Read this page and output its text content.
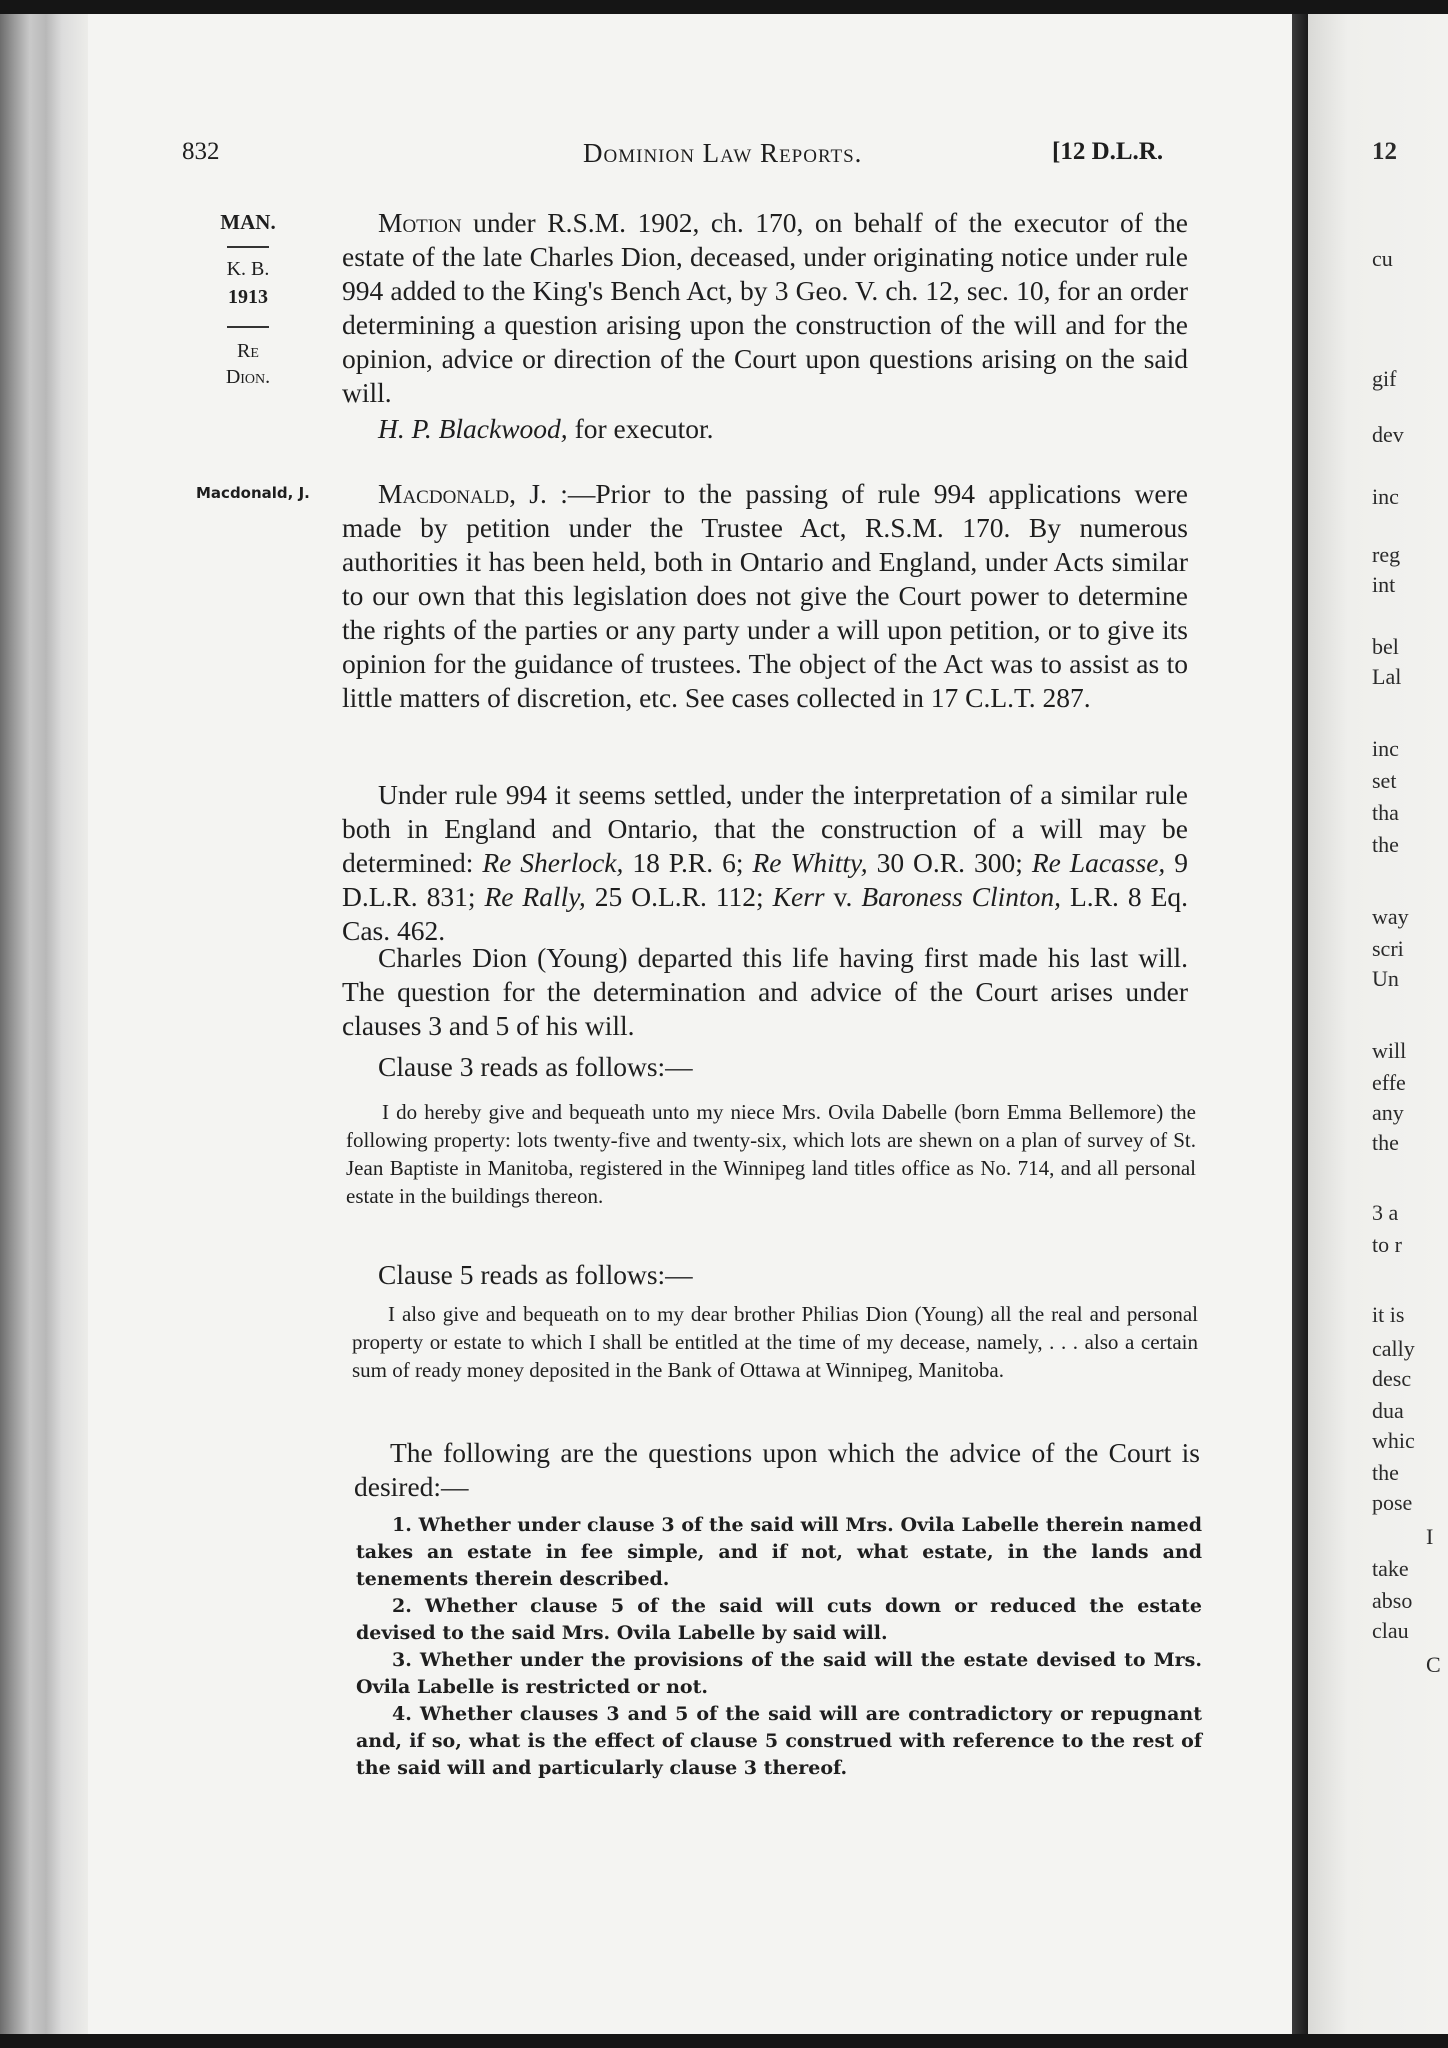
832	Dominion Law Reports.	[12 D.L.R.
MAN.
K. B.
1913
Re
Dion.
Macdonald, J.

Motion under R.S.M. 1902, ch. 170, on behalf of the executor of the estate of the late Charles Dion, deceased, under originating notice under rule 994 added to the King's Bench Act, by 3 Geo. V. ch. 12, sec. 10, for an order determining a question arising upon the construction of the will and for the opinion, advice or direction of the Court upon questions arising on the said will.

H. P. Blackwood, for executor.

Macdonald, J. :—Prior to the passing of rule 994 applications were made by petition under the Trustee Act, R.S.M. 170. By numerous authorities it has been held, both in Ontario and England, under Acts similar to our own that this legislation does not give the Court power to determine the rights of the parties or any party under a will upon petition, or to give its opinion for the guidance of trustees. The object of the Act was to assist as to little matters of discretion, etc. See cases collected in 17 C.L.T. 287.

Under rule 994 it seems settled, under the interpretation of a similar rule both in England and Ontario, that the construction of a will may be determined: Re Sherlock, 18 P.R. 6; Re Whitty, 30 O.R. 300; Re Lacasse, 9 D.L.R. 831; Re Rally, 25 O.L.R. 112; Kerr v. Baroness Clinton, L.R. 8 Eq. Cas. 462.

Charles Dion (Young) departed this life having first made his last will. The question for the determination and advice of the Court arises under clauses 3 and 5 of his will.

Clause 3 reads as follows:—

I do hereby give and bequeath unto my niece Mrs. Ovila Dabelle (born Emma Bellemore) the following property: lots twenty-five and twenty-six, which lots are shewn on a plan of survey of St. Jean Baptiste in Manitoba, registered in the Winnipeg land titles office as No. 714, and all personal estate in the buildings thereon.

Clause 5 reads as follows:—

I also give and bequeath on to my dear brother Philias Dion (Young) all the real and personal property or estate to which I shall be entitled at the time of my decease, namely, . . . also a certain sum of ready money deposited in the Bank of Ottawa at Winnipeg, Manitoba.

The following are the questions upon which the advice of the Court is desired:—

1. Whether under clause 3 of the said will Mrs. Ovila Labelle therein named takes an estate in fee simple, and if not, what estate, in the lands and tenements therein described.

2. Whether clause 5 of the said will cuts down or reduced the estate devised to the said Mrs. Ovila Labelle by said will.

3. Whether under the provisions of the said will the estate devised to Mrs. Ovila Labelle is restricted or not.

4. Whether clauses 3 and 5 of the said will are contradictory or repugnant and, if so, what is the effect of clause 5 construed with reference to the rest of the said will and particularly clause 3 thereof.

12
cu
gif
dev
inc
reg
int
bel
Lal
inc
set
tha
the
way
scri
Un
will
effe
any
the
3 a
to r
it is
cally
desc
dua
whic
the
pose
I
take
abso
clau
C
